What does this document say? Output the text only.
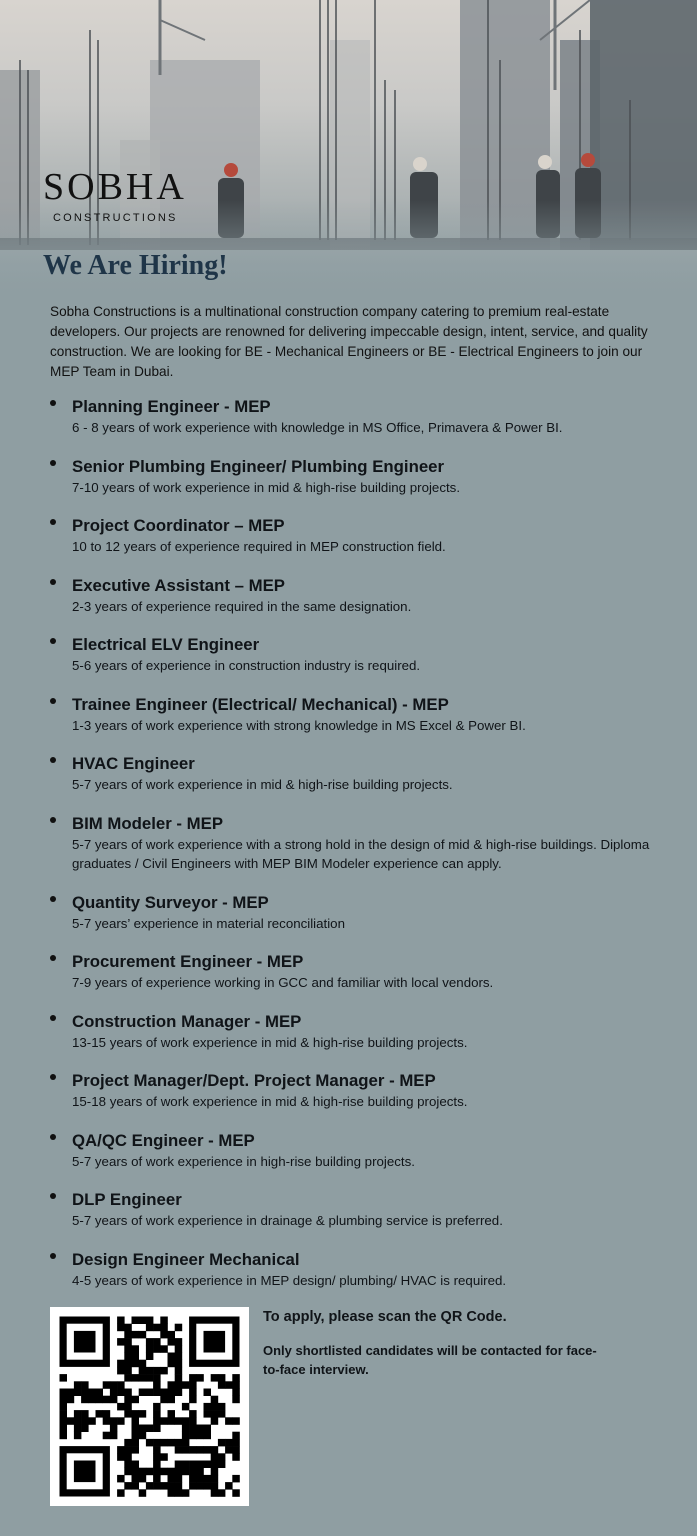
SOBHA
CONSTRUCTIONS
We Are Hiring!
Sobha Constructions is a multinational construction company catering to premium real-estate developers. Our projects are renowned for delivering impeccable design, intent, service, and quality construction. We are looking for BE - Mechanical Engineers or BE - Electrical Engineers to join our MEP Team in Dubai.
Planning Engineer - MEP
6 - 8 years of work experience with knowledge in MS Office, Primavera & Power BI.
Senior Plumbing Engineer/ Plumbing Engineer
7-10 years of work experience in mid & high-rise building projects.
Project Coordinator – MEP
10 to 12 years of experience required in MEP construction field.
Executive Assistant – MEP
2-3 years of experience required in the same designation.
Electrical ELV Engineer
5-6 years of experience in construction industry is required.
Trainee Engineer (Electrical/ Mechanical) - MEP
1-3 years of work experience with strong knowledge in MS Excel & Power BI.
HVAC Engineer
5-7 years of work experience in mid & high-rise building projects.
BIM Modeler - MEP
5-7 years of work experience with a strong hold in the design of mid & high-rise buildings. Diploma graduates / Civil Engineers with MEP BIM Modeler experience can apply.
Quantity Surveyor - MEP
5-7 years’ experience in material reconciliation
Procurement Engineer - MEP
7-9 years of experience working in GCC and familiar with local vendors.
Construction Manager - MEP
13-15 years of work experience in mid & high-rise building projects.
Project Manager/Dept. Project Manager - MEP
15-18 years of work experience in mid & high-rise building projects.
QA/QC Engineer - MEP
5-7 years of work experience in high-rise building projects.
DLP Engineer
5-7 years of work experience in drainage & plumbing service is preferred.
Design Engineer Mechanical
4-5 years of work experience in MEP design/ plumbing/ HVAC is required.
To apply, please scan the QR Code.
Only shortlisted candidates will be contacted for face-to-face interview.
